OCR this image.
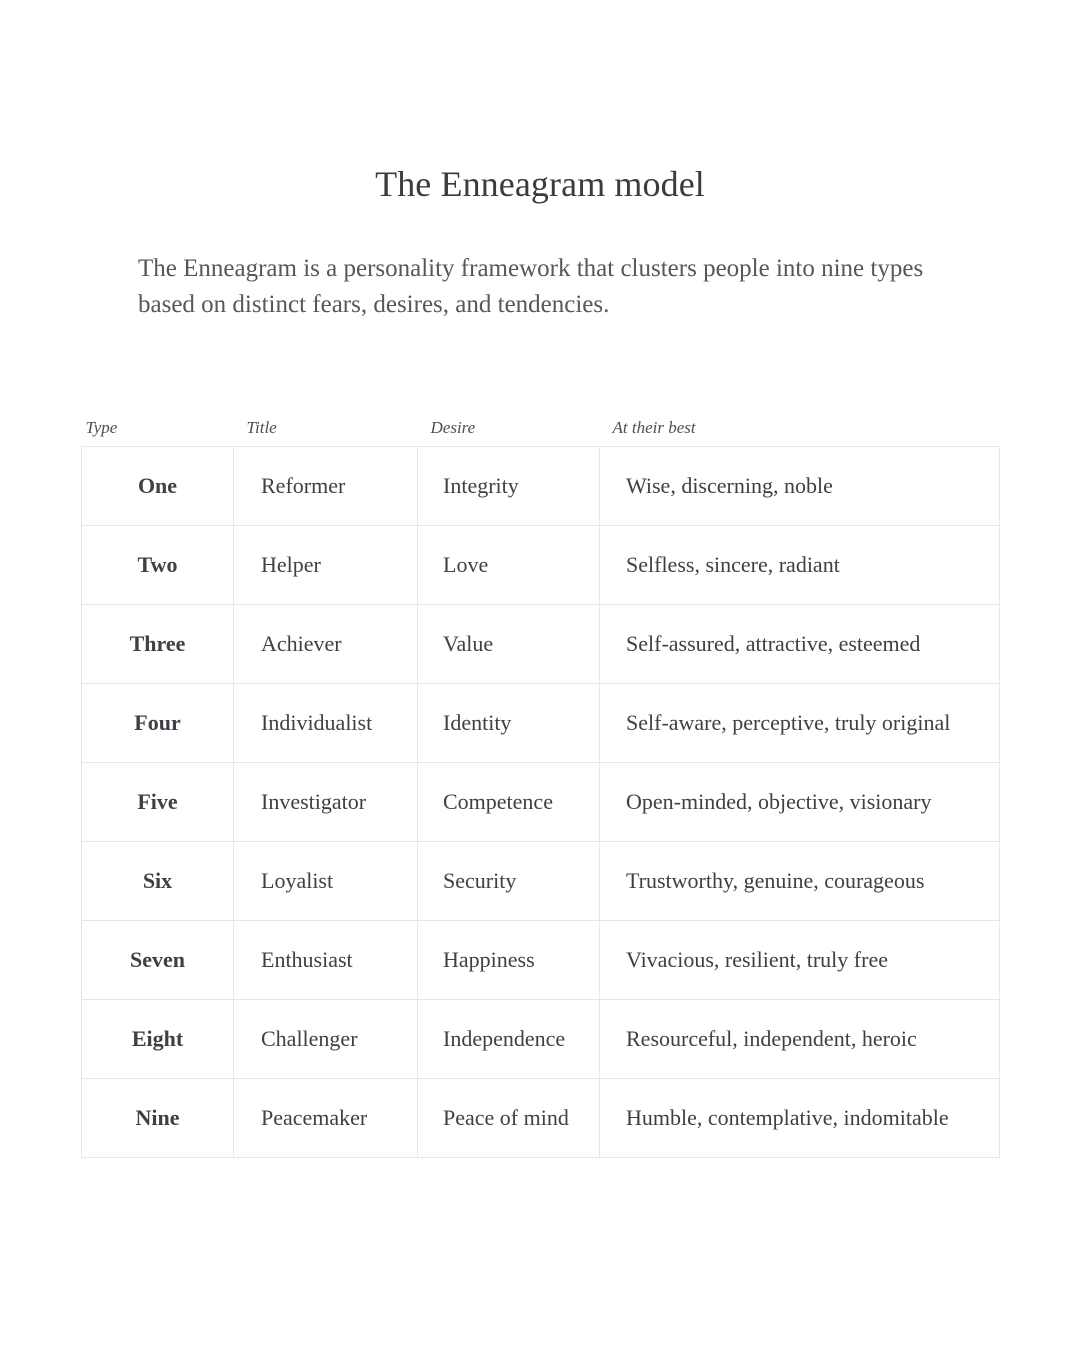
The Enneagram model

The Enneagram is a personality framework that clusters people into nine types based on distinct fears, desires, and tendencies.

Type	Title	Desire	At their best
One	Reformer	Integrity	Wise, discerning, noble
Two	Helper	Love	Selfless, sincere, radiant
Three	Achiever	Value	Self-assured, attractive, esteemed
Four	Individualist	Identity	Self-aware, perceptive, truly original
Five	Investigator	Competence	Open-minded, objective, visionary
Six	Loyalist	Security	Trustworthy, genuine, courageous
Seven	Enthusiast	Happiness	Vivacious, resilient, truly free
Eight	Challenger	Independence	Resourceful, independent, heroic
Nine	Peacemaker	Peace of mind	Humble, contemplative, indomitable
